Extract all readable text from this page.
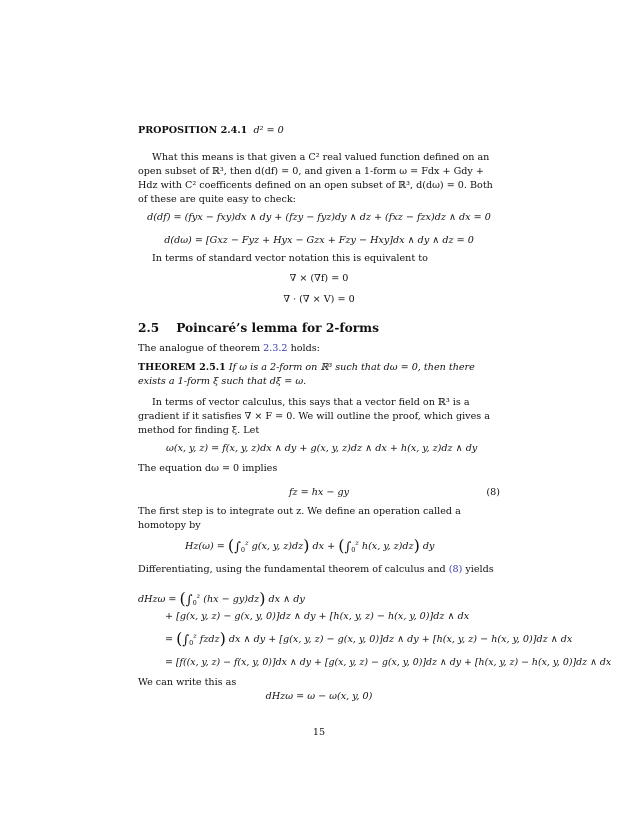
PROPOSITION 2.4.1 d² = 0
What this means is that given a C² real valued function defined on an open subset of ℝ³, then d(df) = 0, and given a 1-form ω = Fdx + Gdy + Hdz with C² coefficents defined on an open subset of ℝ³, d(dω) = 0. Both of these are quite easy to check:
d(df) = (fyx − fxy)dx ∧ dy + (fzy − fyz)dy ∧ dz + (fxz − fzx)dz ∧ dx = 0
d(dω) = [Gxz − Fyz + Hyx − Gzx + Fzy − Hxy]dx ∧ dy ∧ dz = 0
In terms of standard vector notation this is equivalent to
∇ × (∇f) = 0
∇ · (∇ × V) = 0
2.5 Poincaré’s lemma for 2-forms
The analogue of theorem 2.3.2 holds:
THEOREM 2.5.1 If ω is a 2-form on ℝ³ such that dω = 0, then there exists a 1-form ξ such that dξ = ω.
In terms of vector calculus, this says that a vector field on ℝ³ is a gradient if it satisfies ∇ × F = 0. We will outline the proof, which gives a method for finding ξ. Let
ω(x, y, z) = f(x, y, z)dx ∧ dy + g(x, y, z)dz ∧ dx + h(x, y, z)dz ∧ dy
The equation dω = 0 implies
fz = hx − gy	(8)
The first step is to integrate out z. We define an operation called a homotopy by
$Hz(\omega) = (\int_0^z$ g(x, y, z)dz) dx + ($\int_0^z$ h(x, y, z)dz) dy
Differentiating, using the fundamental theorem of calculus and (8) yields
$dHz\omega = (\int_0^z$ (hx − gy)dz) dx ∧ dy
+ [g(x, y, z) − g(x, y, 0)]dz ∧ dy + [h(x, y, z) − h(x, y, 0)]dz ∧ dx
= ($\int_0^z$ fzdz) dx ∧ dy + [g(x, y, z) − g(x, y, 0)]dz ∧ dy + [h(x, y, z) − h(x, y, 0)]dz ∧ dx
= [f((x, y, z) − f(x, y, 0)]dx ∧ dy + [g(x, y, z) − g(x, y, 0)]dz ∧ dy + [h(x, y, z) − h(x, y, 0)]dz ∧ dx
We can write this as
dHzω = ω − ω(x, y, 0)
15
